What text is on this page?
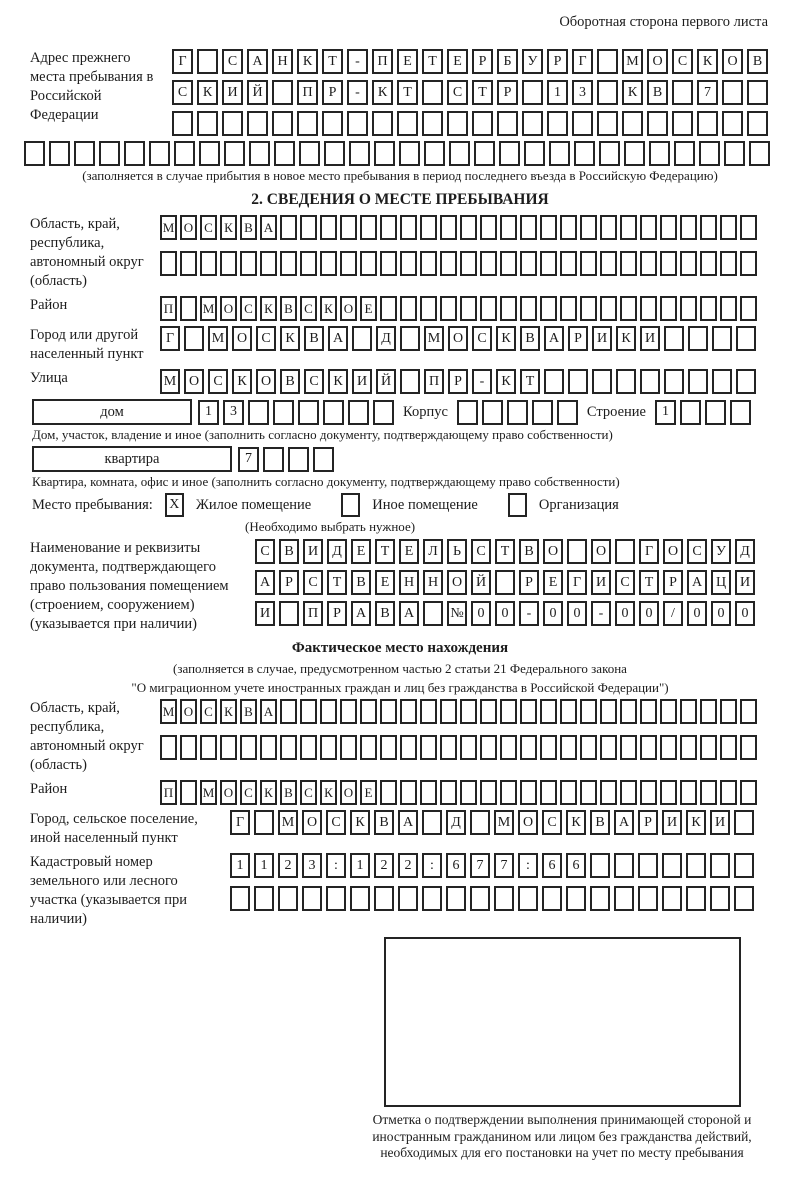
Оборотная сторона первого листа
Адрес прежнего места пребывания в Российской Федерации
Г	С	А	Н	К	Т	-	П	Е	Т	Е	Р	Б	У	Р	Г	М О	С	К	О	В
С	К	И	Й	П	Р	-	К	Т	С	Т	Р	1	3	К	В	7
(заполняется в случае прибытия в новое место пребывания в период последнего въезда в Российскую Федерацию)
2. СВЕДЕНИЯ О МЕСТЕ ПРЕБЫВАНИЯ
Область, край, республика, автономный округ (область)
М О С К В А
Район	П М О С К В С К О Е
Город или другой населенный пункт
Г	М О	С	К	В	А	Д	М О	С	К	В	А	Р	И	К	И
Улица	М О	С	К	О	В	С	К	И Й	П	Р	-	К	Т
дом	1	3	Корпус	Строение	1
Дом, участок, владение и иное (заполнить согласно документу, подтверждающему право собственности)
квартира	7
Квартира, комната, офис и иное (заполнить согласно документу, подтверждающему право собственности)
Место пребывания:	X	Жилое помещение	Иное помещение	Организация
(Необходимо выбрать нужное)
Наименование и реквизиты документа, подтверждающего право пользования помещением (строением, сооружением) (указывается при наличии)
С	В	И	Д	Е	Т	Е	Л	Ь	С	Т	В	О	О	Г	О	С	У	Д
А	Р	С	Т	В	Е	Н Н О Й	Р	Е	Г	И	С	Т	Р	А Ц И
И	П	Р	А	В	А	№ 0	0	-	0	0	-	0	0	/	0	0	0
Фактическое место нахождения
(заполняется в случае, предусмотренном частью 2 статьи 21 Федерального закона
"О миграционном учете иностранных граждан и лиц без гражданства в Российской Федерации")
Область, край, республика, автономный округ (область)
М О С К В А
Район	П М О С К В С К О Е
Город, сельское поселение, иной населенный пункт
Г	М О	С	К	В	А	Д	М О	С	К	В	А	Р	И	К	И
Кадастровый номер земельного или лесного участка (указывается при наличии)
1	1	2	3	:	1	2	2	:	6	7	7	:	6	6
Отметка о подтверждении выполнения принимающей стороной и иностранным гражданином или лицом без гражданства действий, необходимых для его постановки на учет по месту пребывания
